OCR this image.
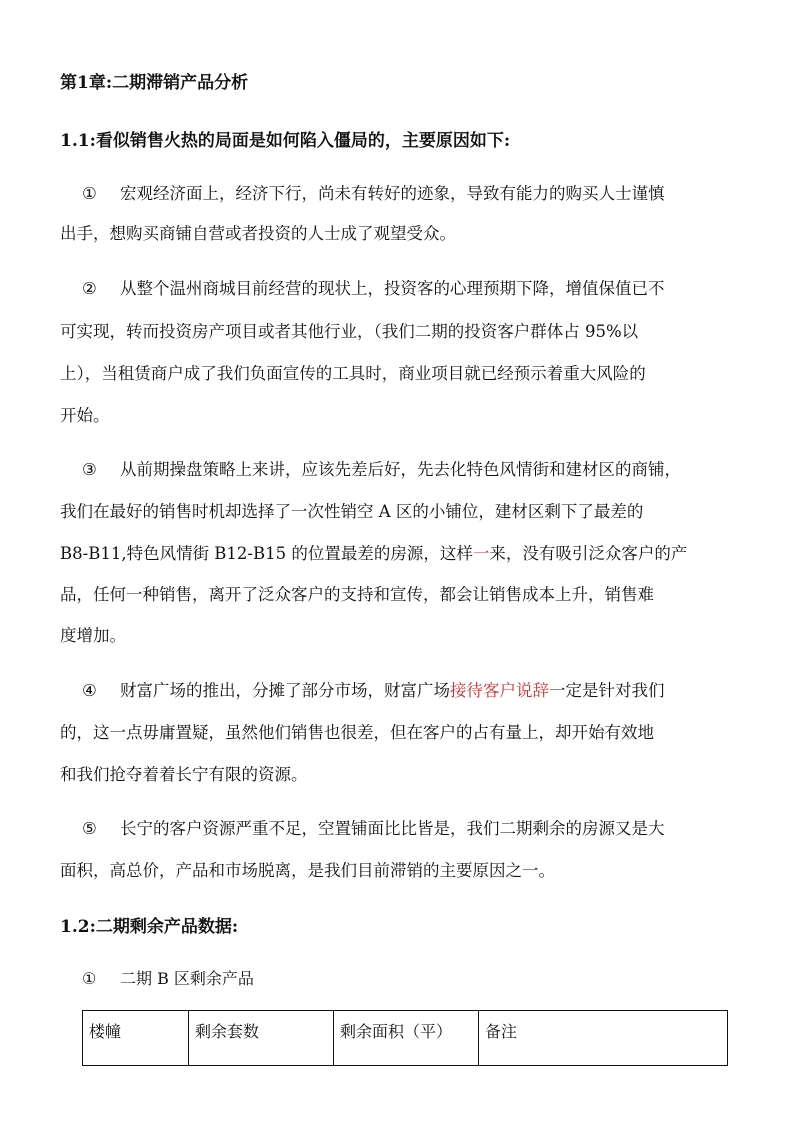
第1章:二期滞销产品分析
1.1:看似销售火热的局面是如何陷入僵局的，主要原因如下:
① 宏观经济面上，经济下行，尚未有转好的迹象，导致有能力的购买人士谨慎
出手，想购买商铺自营或者投资的人士成了观望受众。
② 从整个温州商城目前经营的现状上，投资客的心理预期下降，增值保值已不
可实现，转而投资房产项目或者其他行业，（我们二期的投资客户群体占 95%以
上），当租赁商户成了我们负面宣传的工具时，商业项目就已经预示着重大风险的
开始。
③ 从前期操盘策略上来讲，应该先差后好，先去化特色风情街和建材区的商铺，
我们在最好的销售时机却选择了一次性销空 A 区的小铺位，建材区剩下了最差的
B8-B11,特色风情街 B12-B15 的位置最差的房源，这样一来，没有吸引泛众客户的产
品，任何一种销售，离开了泛众客户的支持和宣传，都会让销售成本上升，销售难
度增加。
④ 财富广场的推出，分摊了部分市场，财富广场接待客户说辞一定是针对我们
的，这一点毋庸置疑，虽然他们销售也很差，但在客户的占有量上，却开始有效地
和我们抢夺着着长宁有限的资源。
⑤ 长宁的客户资源严重不足，空置铺面比比皆是，我们二期剩余的房源又是大
面积，高总价，产品和市场脱离，是我们目前滞销的主要原因之一。
1.2:二期剩余产品数据:
① 二期 B 区剩余产品
楼幢	剩余套数	剩余面积（平）	备注
